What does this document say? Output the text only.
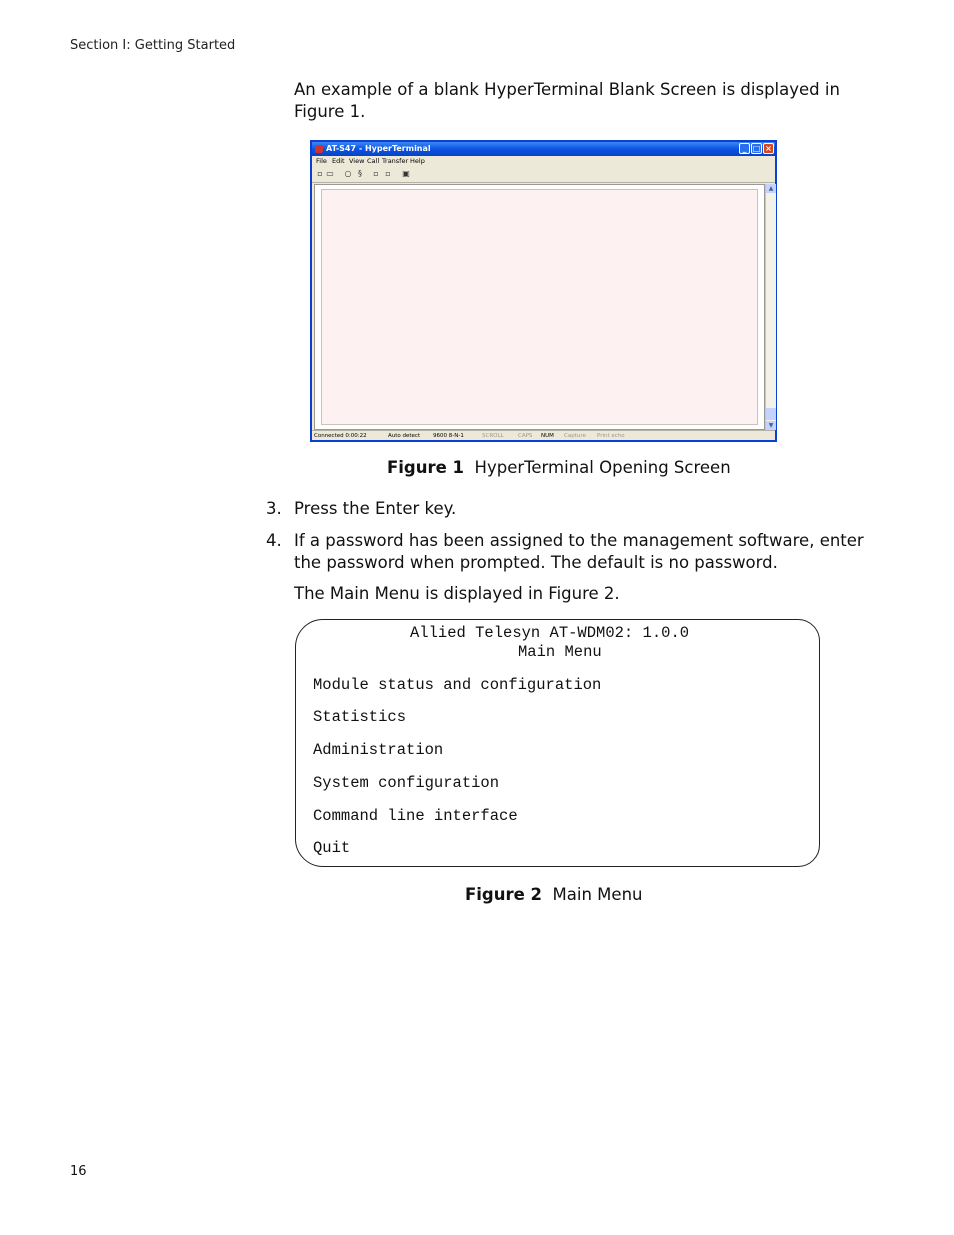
Section I: Getting Started
An example of a blank HyperTerminal Blank Screen is displayed in
Figure 1.
AT-S47 - HyperTerminal	_ □ ×
File Edit View Call Transfer Help
▫ ▭ ○ § ▫ ▫ ▣
▲
▼
Connected 0:00:22	Auto detect 9600 8-N-1	SCROLL	CAPS NUM Capture Print echo
Figure 1 HyperTerminal Opening Screen
3. Press the Enter key.
4. If a password has been assigned to the management software, enter
the password when prompted. The default is no password.
The Main Menu is displayed in Figure 2.
Allied Telesyn AT-WDM02: 1.0.0
Main Menu
Module status and configuration
Statistics
Administration
System configuration
Command line interface
Quit
Figure 2 Main Menu
16
